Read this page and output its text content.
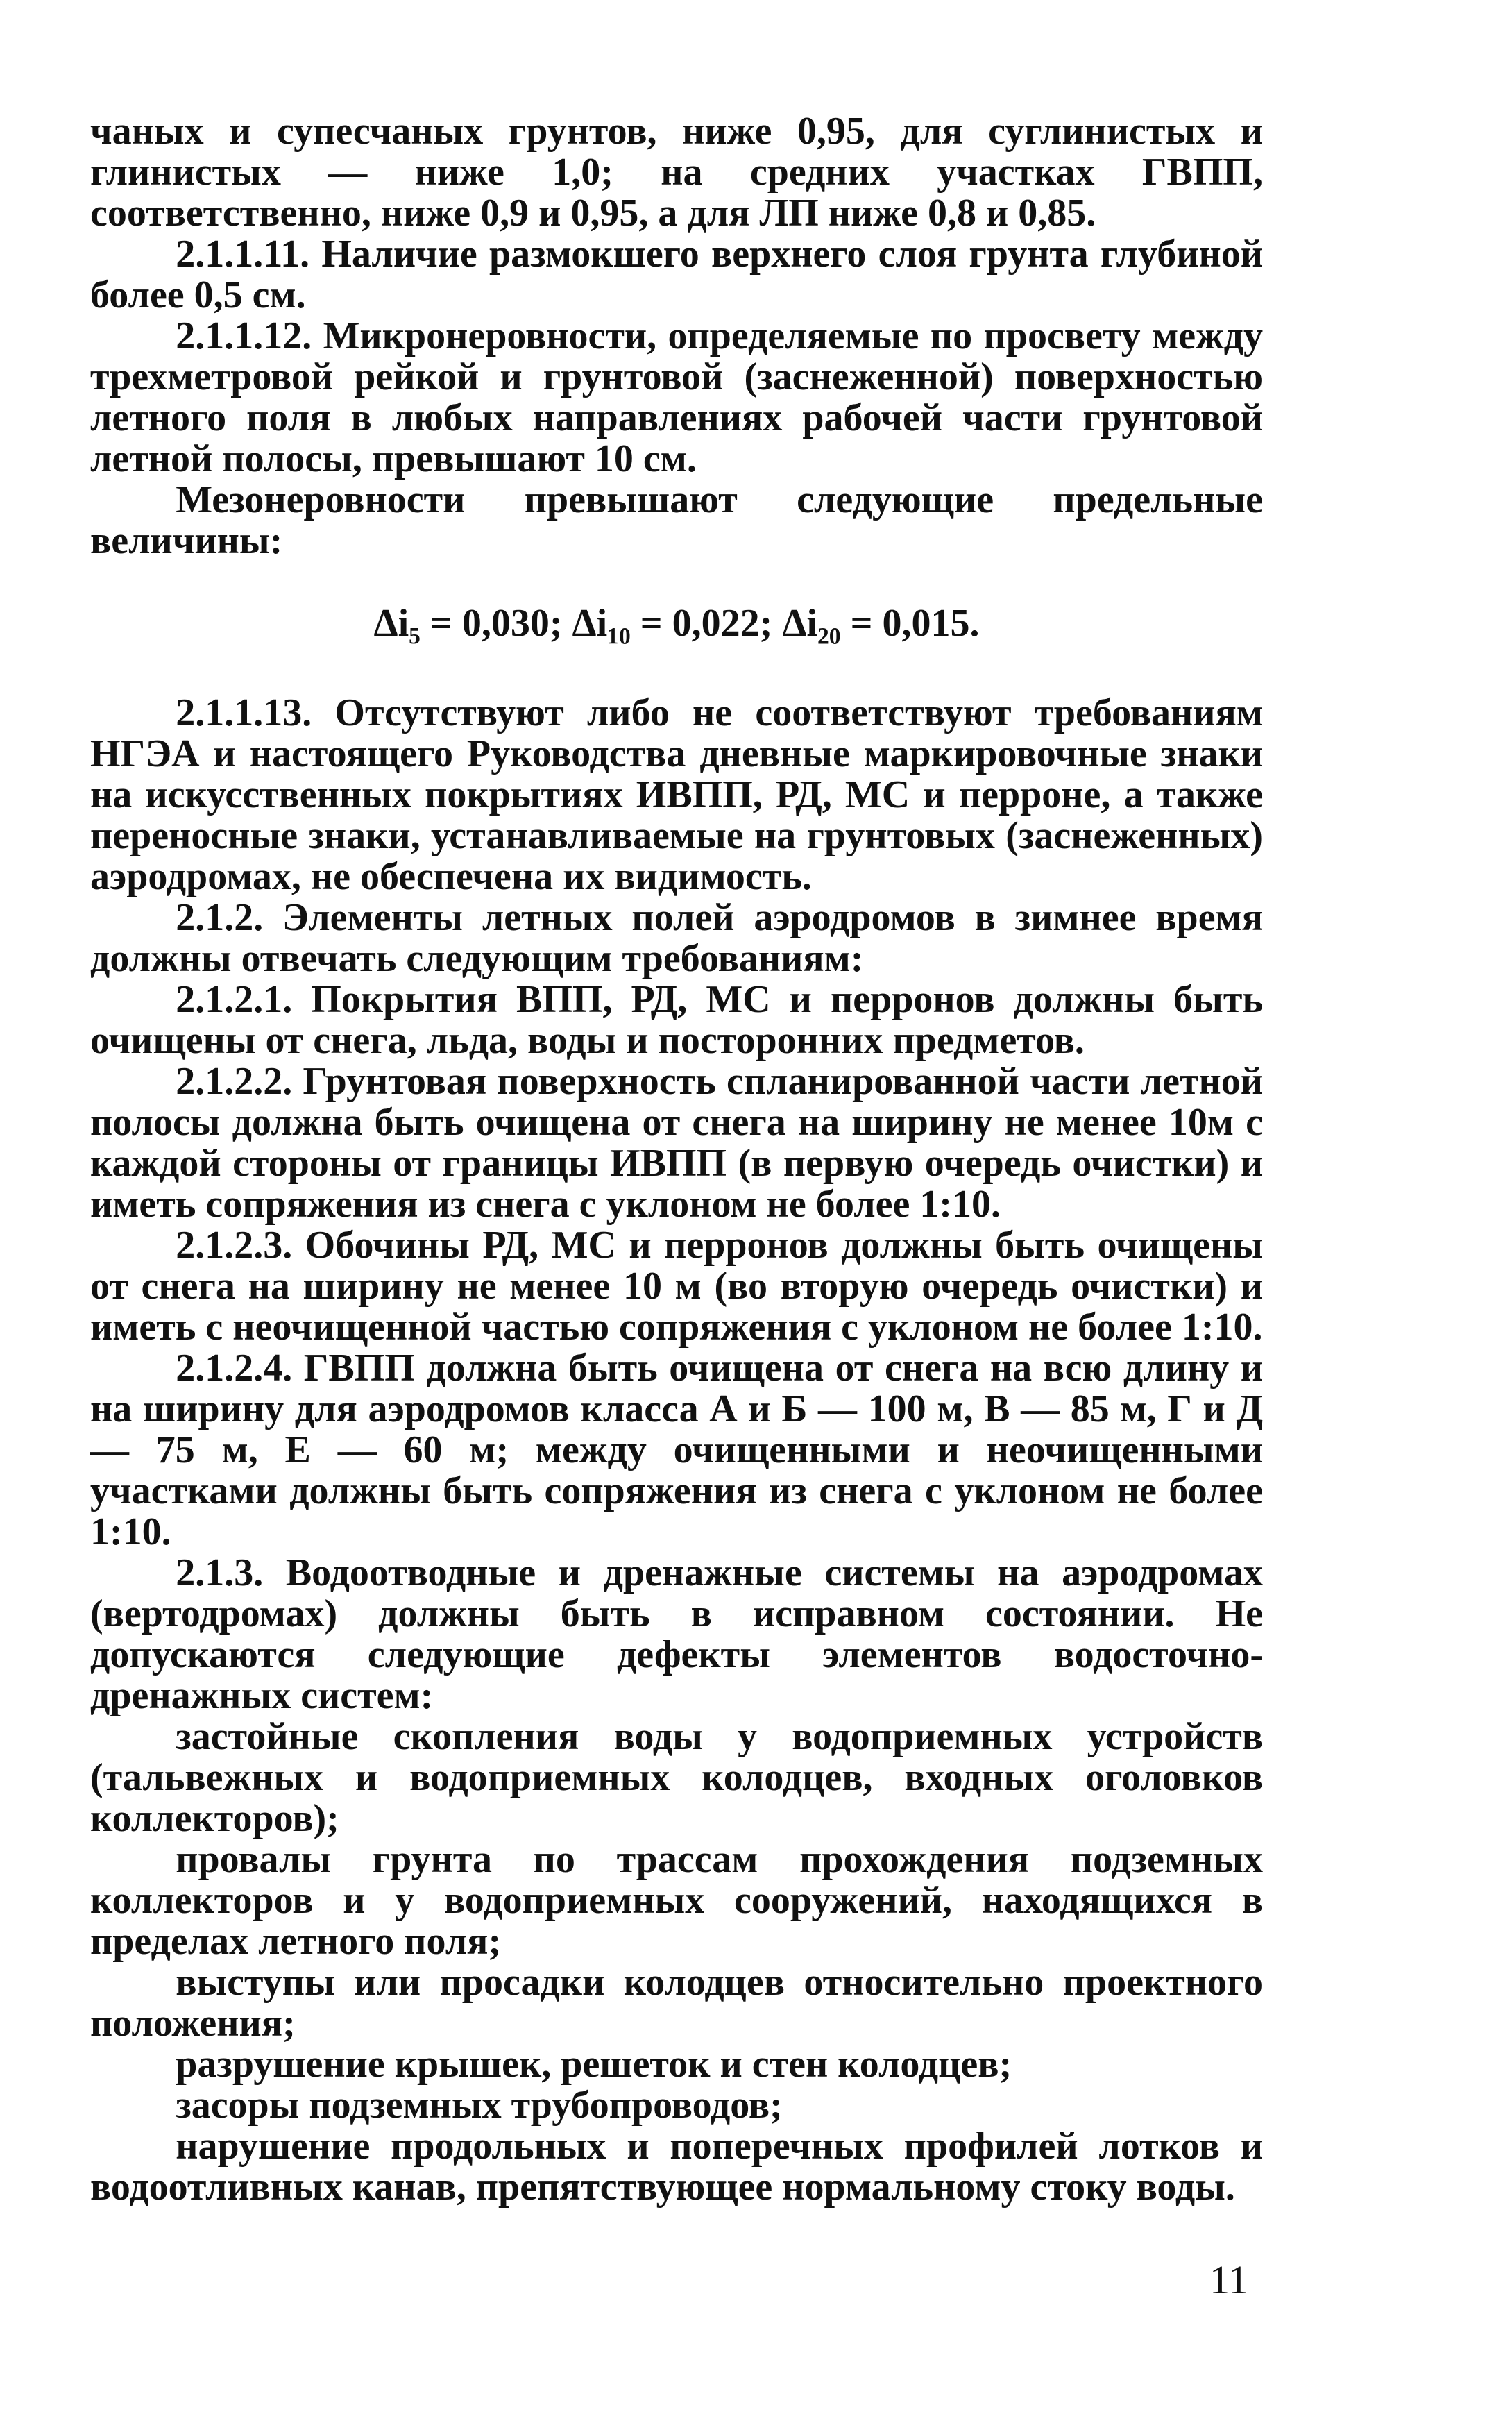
чаных и супесчаных грунтов, ниже 0,95, для суглинистых и глинистых — ниже 1,0; на средних участках ГВПП, соответственно, ниже 0,9 и 0,95, а для ЛП ниже 0,8 и 0,85.

2.1.1.11. Наличие размокшего верхнего слоя грунта глубиной более 0,5 см.

2.1.1.12. Микронеровности, определяемые по просвету между трехметровой рейкой и грунтовой (заснеженной) поверхностью летного поля в любых направлениях рабочей части грунтовой летной полосы, превышают 10 см.

Мезонеровности превышают следующие предельные величины:

Δi₅ = 0,030; Δi₁₀ = 0,022; Δi₂₀ = 0,015.

2.1.1.13. Отсутствуют либо не соответствуют требованиям НГЭА и настоящего Руководства дневные маркировочные знаки на искусственных покрытиях ИВПП, РД, МС и перроне, а также переносные знаки, устанавливаемые на грунтовых (заснеженных) аэродромах, не обеспечена их видимость.

2.1.2. Элементы летных полей аэродромов в зимнее время должны отвечать следующим требованиям:

2.1.2.1. Покрытия ВПП, РД, МС и перронов должны быть очищены от снега, льда, воды и посторонних предметов.

2.1.2.2. Грунтовая поверхность спланированной части летной полосы должна быть очищена от снега на ширину не менее 10м с каждой стороны от границы ИВПП (в первую очередь очистки) и иметь сопряжения из снега с уклоном не более 1:10.

2.1.2.3. Обочины РД, МС и перронов должны быть очищены от снега на ширину не менее 10 м (во вторую очередь очистки) и иметь с неочищенной частью сопряжения с уклоном не более 1:10.

2.1.2.4. ГВПП должна быть очищена от снега на всю длину и на ширину для аэродромов класса А и Б — 100 м, В — 85 м, Г и Д — 75 м, Е — 60 м; между очищенными и неочищенными участками должны быть сопряжения из снега с уклоном не более 1:10.

2.1.3. Водоотводные и дренажные системы на аэродромах (вертодромах) должны быть в исправном состоянии. Не допускаются следующие дефекты элементов водосточно-дренажных систем:

застойные скопления воды у водоприемных устройств (тальвежных и водоприемных колодцев, входных оголовков коллекторов);

провалы грунта по трассам прохождения подземных коллекторов и у водоприемных сооружений, находящихся в пределах летного поля;

выступы или просадки колодцев относительно проектного положения;

разрушение крышек, решеток и стен колодцев;

засоры подземных трубопроводов;

нарушение продольных и поперечных профилей лотков и водоотливных канав, препятствующее нормальному стоку воды.

11
